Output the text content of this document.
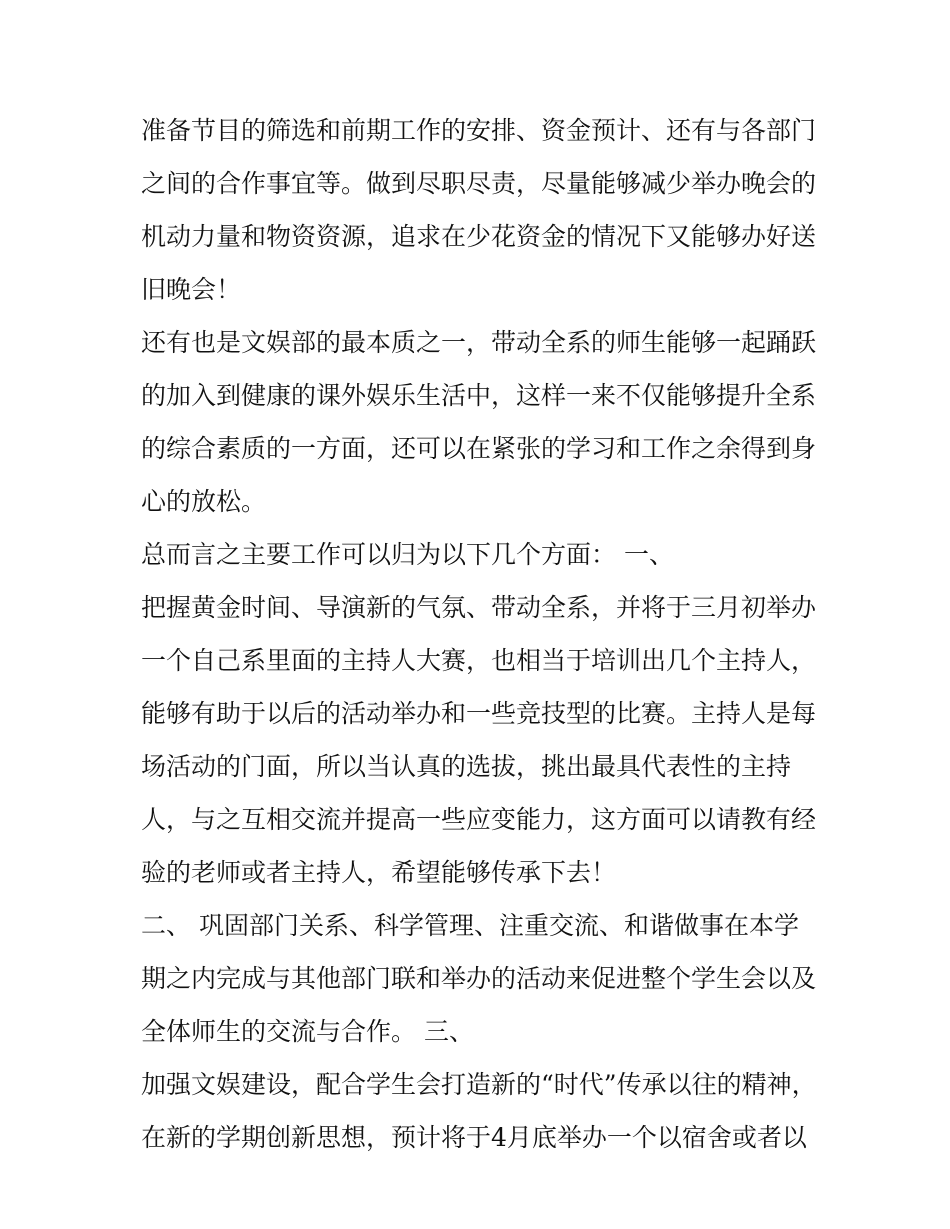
准备节目的筛选和前期工作的安排、资金预计、还有与各部门
之间的合作事宜等。做到尽职尽责，尽量能够减少举办晚会的
机动力量和物资资源，追求在少花资金的情况下又能够办好送
旧晚会！
还有也是文娱部的最本质之一，带动全系的师生能够一起踊跃
的加入到健康的课外娱乐生活中，这样一来不仅能够提升全系
的综合素质的一方面，还可以在紧张的学习和工作之余得到身
心的放松。
总而言之主要工作可以归为以下几个方面： 一、
把握黄金时间、导演新的气氛、带动全系，并将于三月初举办
一个自己系里面的主持人大赛，也相当于培训出几个主持人，
能够有助于以后的活动举办和一些竞技型的比赛。主持人是每
场活动的门面，所以当认真的选拔，挑出最具代表性的主持
人，与之互相交流并提高一些应变能力，这方面可以请教有经
验的老师或者主持人，希望能够传承下去！
二、 巩固部门关系、科学管理、注重交流、和谐做事在本学
期之内完成与其他部门联和举办的活动来促进整个学生会以及
全体师生的交流与合作。 三、
加强文娱建设，配合学生会打造新的“时代”传承以往的精神，
在新的学期创新思想，预计将于4月底举办一个以宿舍或者以
